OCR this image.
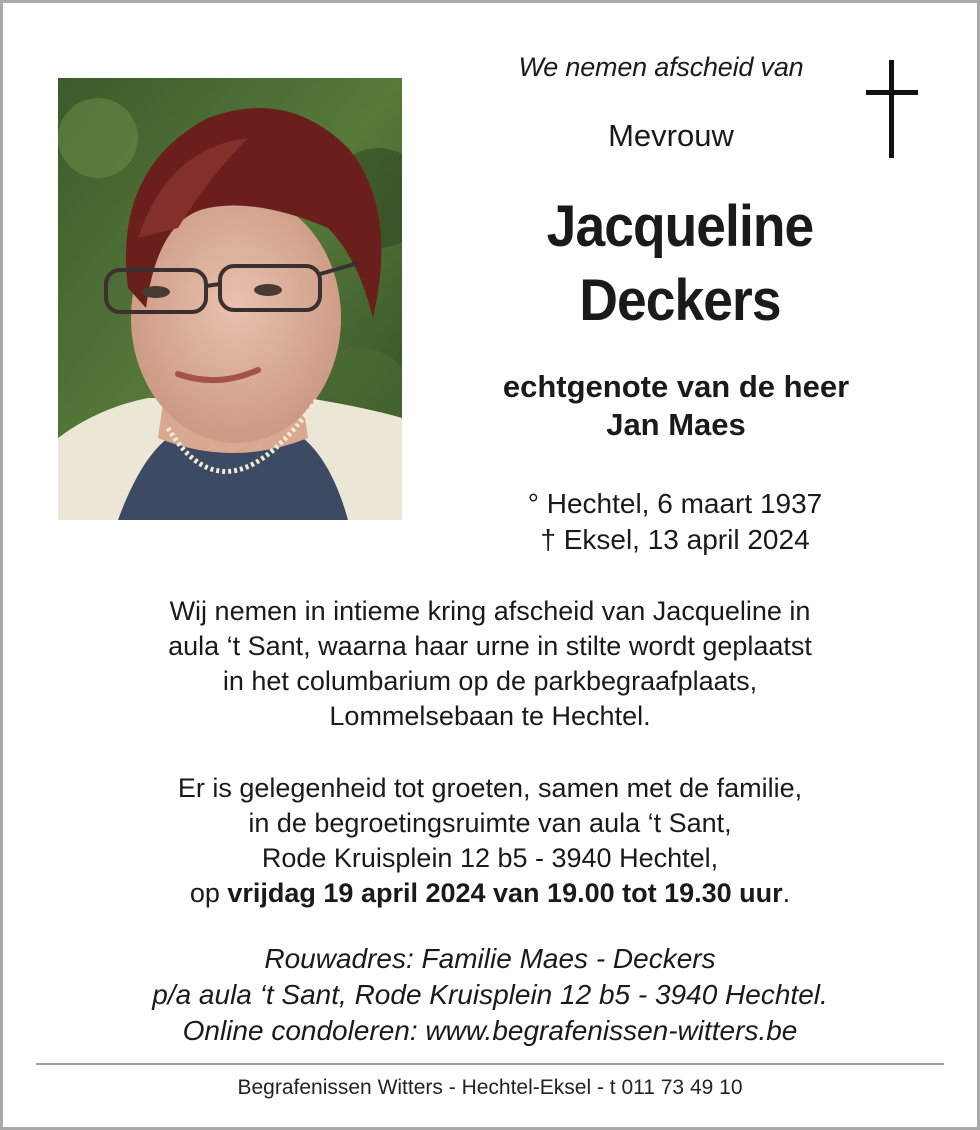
We nemen afscheid van
Mevrouw
Jacqueline
Deckers
echtgenote van de heer
Jan Maes
° Hechtel, 6 maart 1937
† Eksel, 13 april 2024
Wij nemen in intieme kring afscheid van Jacqueline in
aula ‘t Sant, waarna haar urne in stilte wordt geplaatst
in het columbarium op de parkbegraafplaats,
Lommelsebaan te Hechtel.
Er is gelegenheid tot groeten, samen met de familie,
in de begroetingsruimte van aula ‘t Sant,
Rode Kruisplein 12 b5 - 3940 Hechtel,
op vrijdag 19 april 2024 van 19.00 tot 19.30 uur.
Rouwadres: Familie Maes - Deckers
p/a aula ‘t Sant, Rode Kruisplein 12 b5 - 3940 Hechtel.
Online condoleren: www.begrafenissen-witters.be
Begrafenissen Witters - Hechtel-Eksel - t 011 73 49 10
